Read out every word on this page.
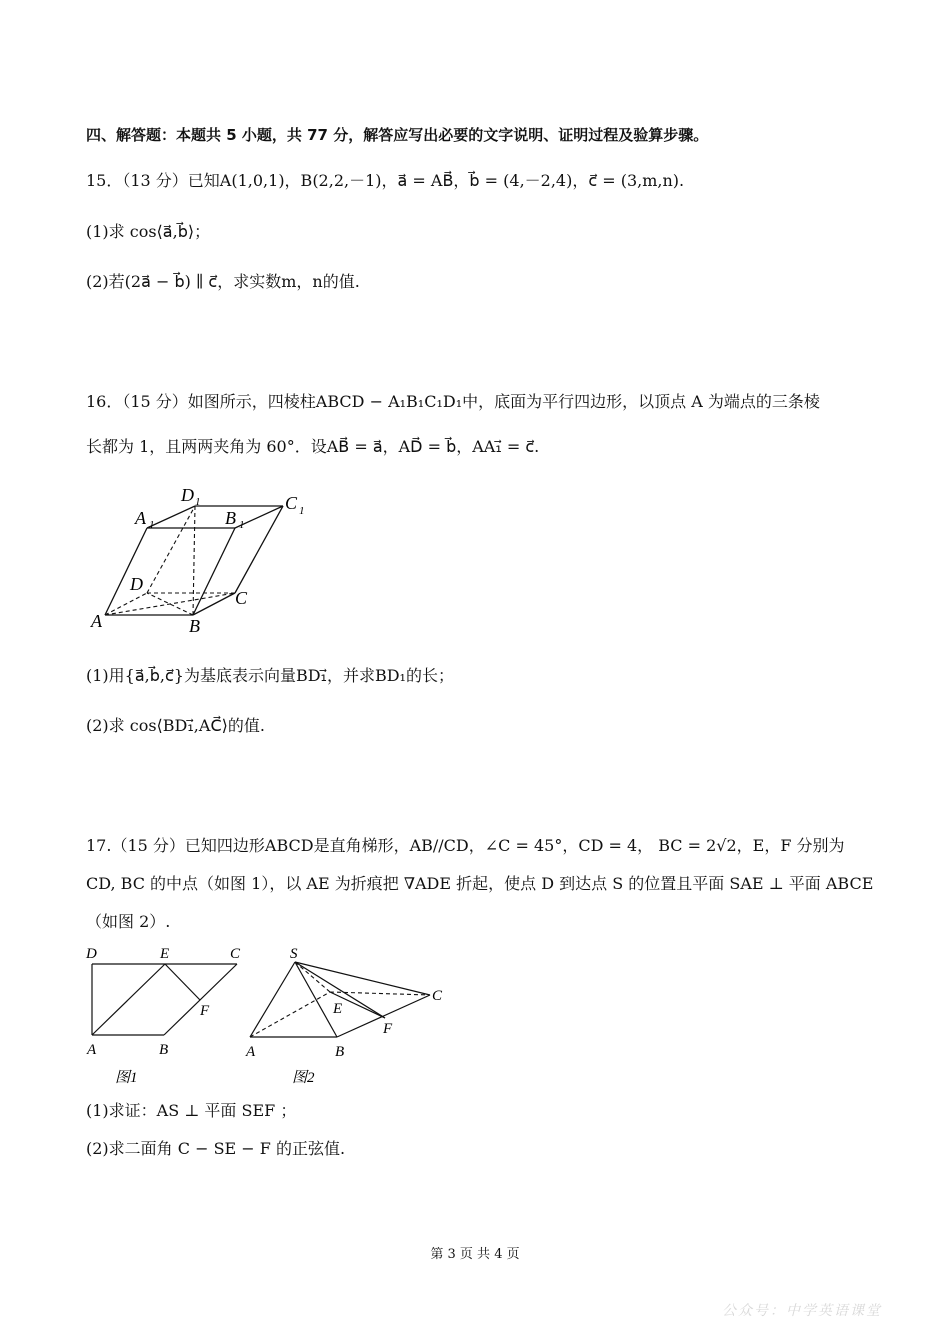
四、解答题：本题共 5 小题，共 77 分，解答应写出必要的文字说明、证明过程及验算步骤。
15．（13 分）已知A(1,0,1)，B(2,2,－1)，a⃗ = AB⃗，b⃗ = (4,－2,4)，c⃗ = (3,m,n).
(1)求 cos⟨a⃗,b⃗⟩；
(2)若(2a⃗ − b⃗) ∥ c⃗，求实数m，n的值.
16．（15 分）如图所示，四棱柱ABCD − A₁B₁C₁D₁中，底面为平行四边形，以顶点 A 为端点的三条棱
长都为 1，且两两夹角为 60°．设AB⃗ = a⃗，AD⃗ = b⃗，AA₁⃗ = c⃗.
A	B
C
D
A 1	B 1
C 1
D 1
(1)用{a⃗,b⃗,c⃗}为基底表示向量BD₁⃗，并求BD₁的长；
(2)求 cos⟨BD₁⃗,AC⃗⟩的值.
17.（15 分）已知四边形ABCD是直角梯形，AB//CD，∠C = 45°，CD = 4， BC = 2√2，E，F 分别为
CD, BC 的中点（如图 1），以 AE 为折痕把 ∇ADE 折起，使点 D 到达点 S 的位置且平面 SAE ⊥ 平面 ABCE
（如图 2）.
D	E	C
F
A	B
图1
S
C
E
F
A	B
图2
(1)求证：AS ⊥ 平面 SEF ；
(2)求二面角 C − SE − F 的正弦值.
第 3 页 共 4 页
公众号：中学英语课堂
